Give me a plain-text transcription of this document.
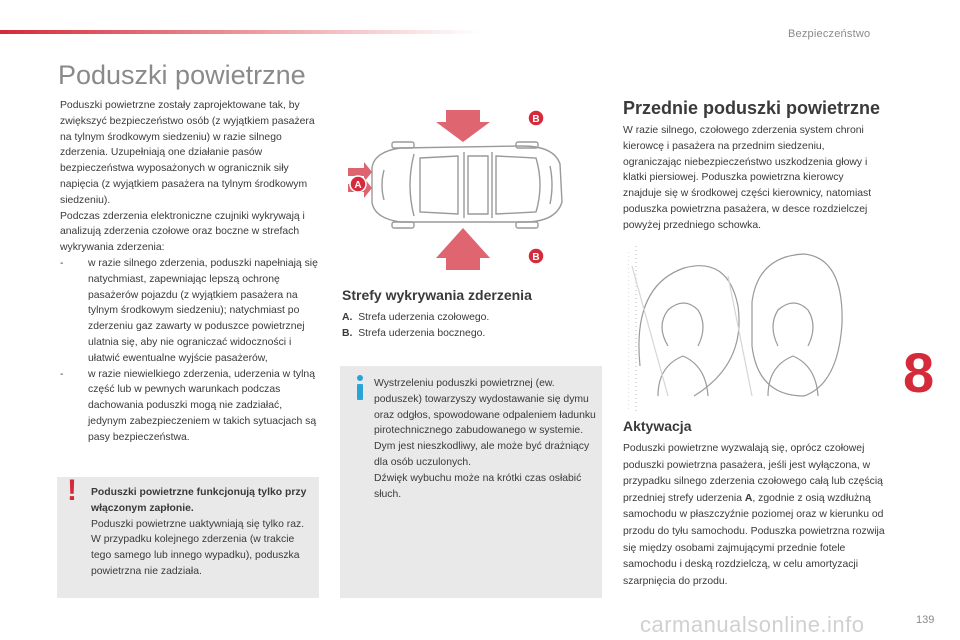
Bezpieczeństwo
Poduszki powietrzne

Poduszki powietrzne zostały zaprojektowane tak, by zwiększyć bezpieczeństwo osób (z wyjątkiem pasażera na tylnym środkowym siedzeniu) w razie silnego zderzenia. Uzupełniają one działanie pasów bezpieczeństwa wyposażonych w ogranicznik siły napięcia (z wyjątkiem pasażera na tylnym środkowym siedzeniu).

Podczas zderzenia elektroniczne czujniki wykrywają i analizują zderzenia czołowe oraz boczne w strefach wykrywania zderzenia:

-	w razie silnego zderzenia, poduszki napełniają się natychmiast, zapewniając lepszą ochronę pasażerów pojazdu (z wyjątkiem pasażera na tylnym środkowym siedzeniu); natychmiast po zderzeniu gaz zawarty w poduszce powietrznej ulatnia się, aby nie ograniczać widoczności i ułatwić ewentualne wyjście pasażerów,
-	w razie niewielkiego zderzenia, uderzenia w tylną część lub w pewnych warunkach podczas dachowania poduszki mogą nie zadziałać, jedynym zabezpieczeniem w takich sytuacjach są pasy bezpieczeństwa.
! Poduszki powietrzne funkcjonują tylko przy włączonym zapłonie.
Poduszki powietrzne uaktywniają się tylko raz. W przypadku kolejnego zderzenia (w trakcie tego samego lub innego wypadku), poduszka powietrzna nie zadziała.
A
B
B
Strefy wykrywania zderzenia

A. Strefa uderzenia czołowego.

B. Strefa uderzenia bocznego.

Wystrzeleniu poduszki powietrznej (ew. poduszek) towarzyszy wydostawanie się dymu oraz odgłos, spowodowane odpaleniem ładunku pirotechnicznego zabudowanego w systemie.

Dym jest nieszkodliwy, ale może być drażniący dla osób uczulonych.

Dźwięk wybuchu może na krótki czas osłabić słuch.

Przednie poduszki powietrzne

W razie silnego, czołowego zderzenia system chroni kierowcę i pasażera na przednim siedzeniu, ograniczając niebezpieczeństwo uszkodzenia głowy i klatki piersiowej. Poduszka powietrzna kierowcy znajduje się w środkowej części kierownicy, natomiast poduszka powietrzna pasażera, w desce rozdzielczej powyżej przedniego schowka.

Aktywacja

Poduszki powietrzne wyzwalają się, oprócz czołowej poduszki powietrzna pasażera, jeśli jest wyłączona, w przypadku silnego zderzenia czołowego całą lub częścią przedniej strefy uderzenia A, zgodnie z osią wzdłużną samochodu w płaszczyźnie poziomej oraz w kierunku od przodu do tyłu samochodu. Poduszka powietrzna rozwija się między osobami zajmującymi przednie fotele samochodu i deską rozdzielczą, w celu amortyzacji szarpnięcia do przodu.

8
carmanualsonline.info	139
